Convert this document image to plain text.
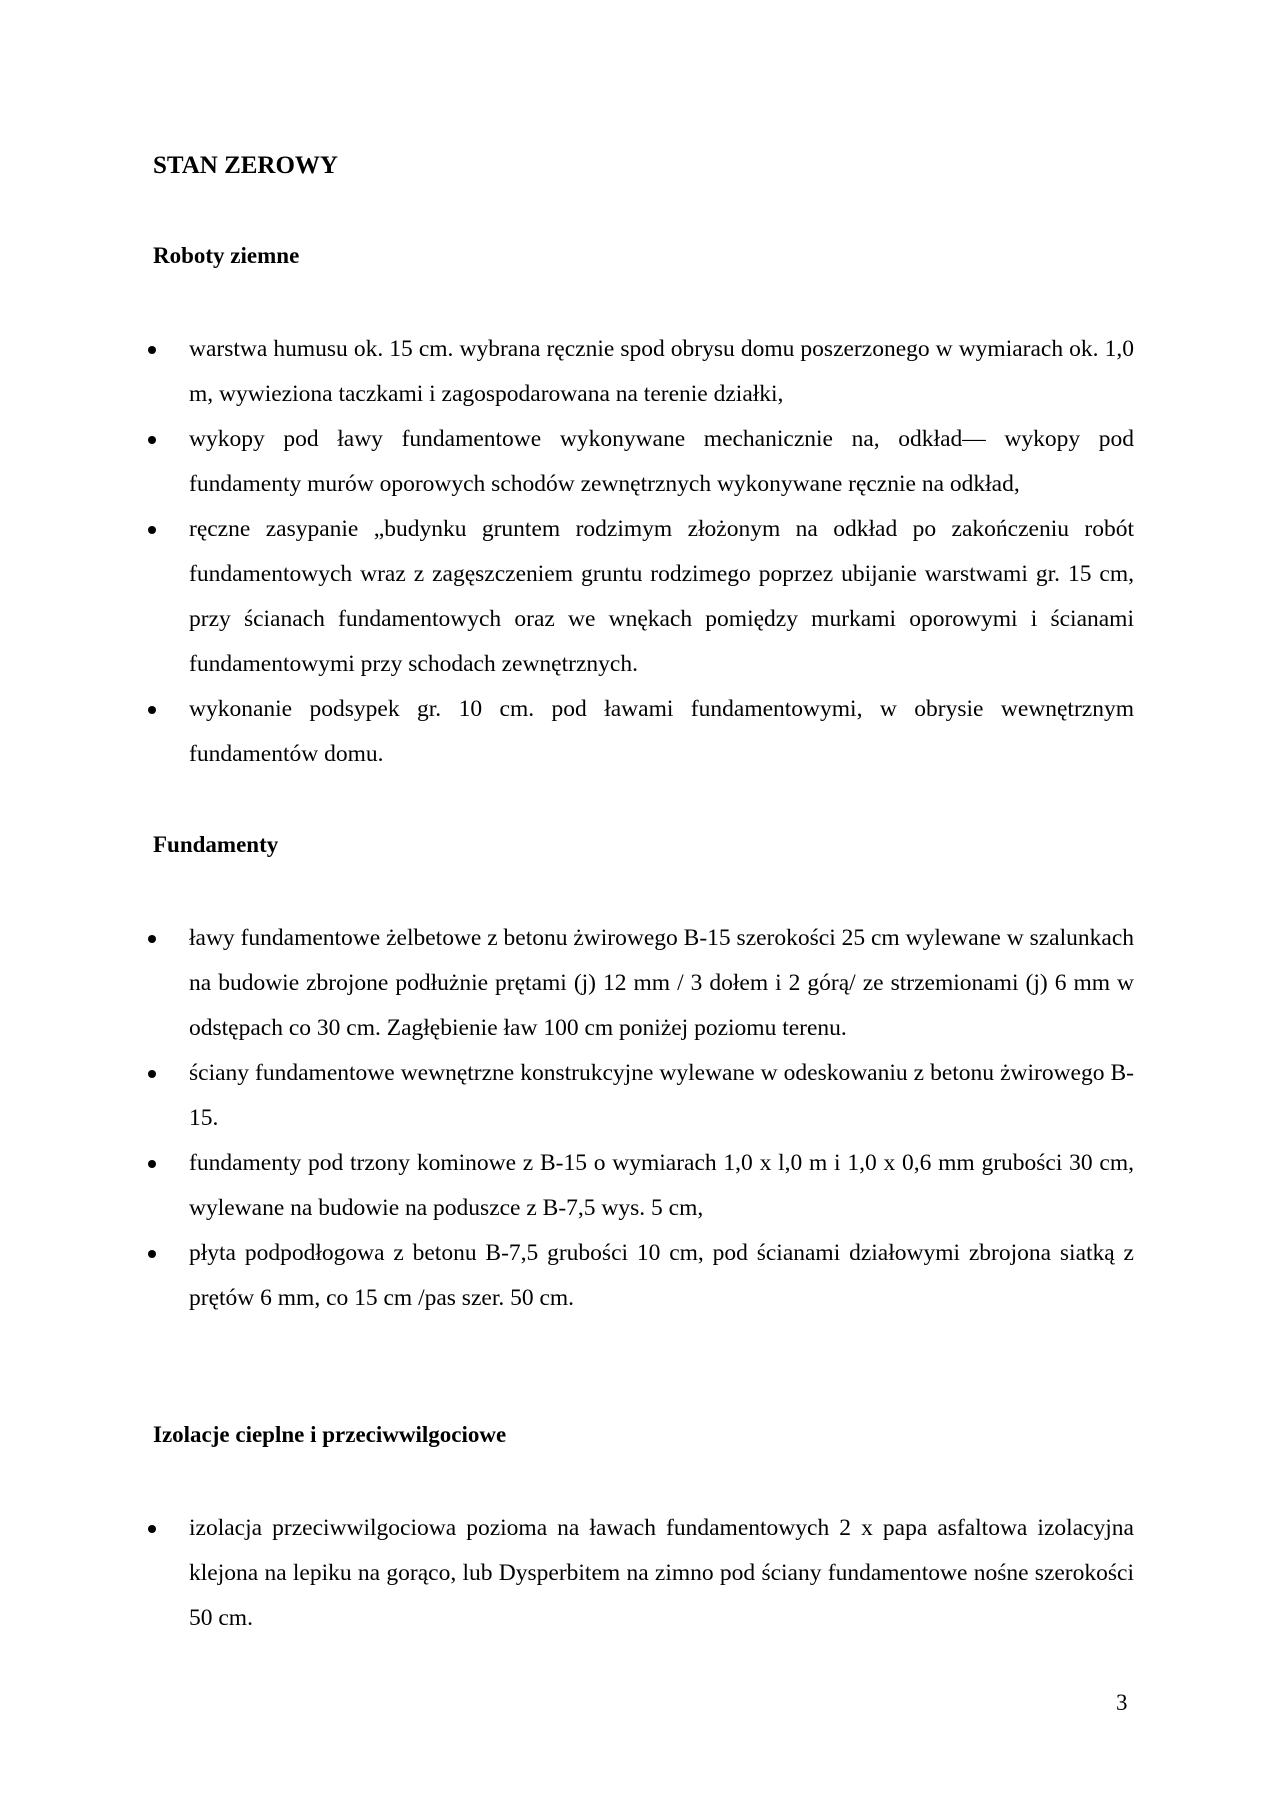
STAN ZEROWY
Roboty ziemne
warstwa humusu ok. 15 cm. wybrana ręcznie spod obrysu domu poszerzonego w wymiarach ok. 1,0 m, wywieziona taczkami i zagospodarowana na terenie działki,
wykopy pod ławy fundamentowe wykonywane mechanicznie na, odkład— wykopy pod fundamenty murów oporowych schodów zewnętrznych wykonywane ręcznie na odkład,
ręczne zasypanie „budynku gruntem rodzimym złożonym na odkład po zakończeniu robót fundamentowych wraz z zagęszczeniem gruntu rodzimego poprzez ubijanie warstwami gr. 15 cm, przy ścianach fundamentowych oraz we wnękach pomiędzy murkami oporowymi i ścianami fundamentowymi przy schodach zewnętrznych.
wykonanie podsypek gr. 10 cm. pod ławami fundamentowymi, w obrysie wewnętrznym fundamentów domu.
Fundamenty
ławy fundamentowe żelbetowe z betonu żwirowego B-15 szerokości 25 cm wylewane w szalunkach na budowie zbrojone podłużnie prętami (j) 12 mm / 3 dołem i 2 górą/ ze strzemionami (j) 6 mm w odstępach co 30 cm. Zagłębienie ław 100 cm poniżej poziomu terenu.
ściany fundamentowe wewnętrzne konstrukcyjne wylewane w odeskowaniu z betonu żwirowego B-15.
fundamenty pod trzony kominowe z B-15 o wymiarach 1,0 x l,0 m i 1,0 x 0,6 mm grubości 30 cm, wylewane na budowie na poduszce z B-7,5 wys. 5 cm,
płyta podpodłogowa z betonu B-7,5 grubości 10 cm, pod ścianami działowymi zbrojona siatką z prętów 6 mm, co 15 cm /pas szer. 50 cm.
Izolacje cieplne i przeciwwilgociowe
izolacja przeciwwilgociowa pozioma na ławach fundamentowych 2 x papa asfaltowa izolacyjna klejona na lepiku na gorąco, lub Dysperbitem na zimno pod ściany fundamentowe nośne szerokości 50 cm.
3
